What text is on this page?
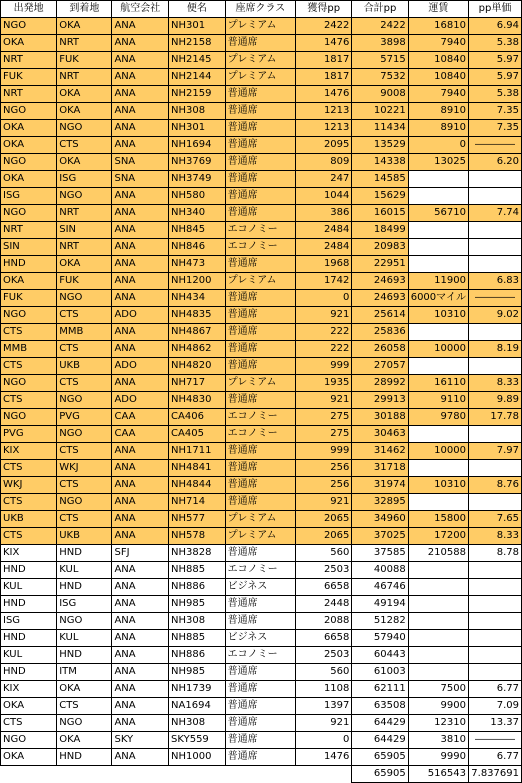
出発地	到着地	航空会社	便名	座席クラス	獲得pp	合計pp	運賃	pp単価
NGO	OKA	ANA	NH301	プレミアム	2422	2422	16810	6.94
OKA	NRT	ANA	NH2158	普通席	1476	3898	7940	5.38
NRT	FUK	ANA	NH2145	プレミアム	1817	5715	10840	5.97
FUK	NRT	ANA	NH2144	プレミアム	1817	7532	10840	5.97
NRT	OKA	ANA	NH2159	普通席	1476	9008	7940	5.38
NGO	OKA	ANA	NH308	普通席	1213	10221	8910	7.35
OKA	NGO	ANA	NH301	普通席	1213	11434	8910	7.35
OKA	CTS	ANA	NH1694	普通席	2095	13529	0	――――
NGO	OKA	SNA	NH3769	普通席	809	14338	13025	6.20
OKA	ISG	SNA	NH3749	普通席	247	14585		
ISG	NGO	ANA	NH580	普通席	1044	15629		
NGO	NRT	ANA	NH340	普通席	386	16015	56710	7.74
NRT	SIN	ANA	NH845	エコノミー	2484	18499		
SIN	NRT	ANA	NH846	エコノミー	2484	20983		
HND	OKA	ANA	NH473	普通席	1968	22951		
OKA	FUK	ANA	NH1200	プレミアム	1742	24693	11900	6.83
FUK	NGO	ANA	NH434	普通席	0	24693	6000マイル	――――
NGO	CTS	ADO	NH4835	普通席	921	25614	10310	9.02
CTS	MMB	ANA	NH4867	普通席	222	25836		
MMB	CTS	ANA	NH4862	普通席	222	26058	10000	8.19
CTS	UKB	ADO	NH4820	普通席	999	27057		
NGO	CTS	ANA	NH717	プレミアム	1935	28992	16110	8.33
CTS	NGO	ADO	NH4830	普通席	921	29913	9110	9.89
NGO	PVG	CAA	CA406	エコノミー	275	30188	9780	17.78
PVG	NGO	CAA	CA405	エコノミー	275	30463		
KIX	CTS	ANA	NH1711	普通席	999	31462	10000	7.97
CTS	WKJ	ANA	NH4841	普通席	256	31718		
WKJ	CTS	ANA	NH4844	普通席	256	31974	10310	8.76
CTS	NGO	ANA	NH714	普通席	921	32895		
UKB	CTS	ANA	NH577	プレミアム	2065	34960	15800	7.65
CTS	UKB	ANA	NH578	プレミアム	2065	37025	17200	8.33
KIX	HND	SFJ	NH3828	普通席	560	37585	210588	8.78
HND	KUL	ANA	NH885	エコノミー	2503	40088		
KUL	HND	ANA	NH886	ビジネス	6658	46746		
HND	ISG	ANA	NH985	普通席	2448	49194		
ISG	NGO	ANA	NH308	普通席	2088	51282		
HND	KUL	ANA	NH885	ビジネス	6658	57940		
KUL	HND	ANA	NH886	エコノミー	2503	60443		
HND	ITM	ANA	NH985	普通席	560	61003		
KIX	OKA	ANA	NH1739	普通席	1108	62111	7500	6.77
OKA	CTS	ANA	NA1694	普通席	1397	63508	9900	7.09
CTS	NGO	ANA	NH308	普通席	921	64429	12310	13.37
NGO	OKA	SKY	SKY559	普通席	0	64429	3810	――――
OKA	HND	ANA	NH1000	普通席	1476	65905	9990	6.77
						65905	516543	7.837691
